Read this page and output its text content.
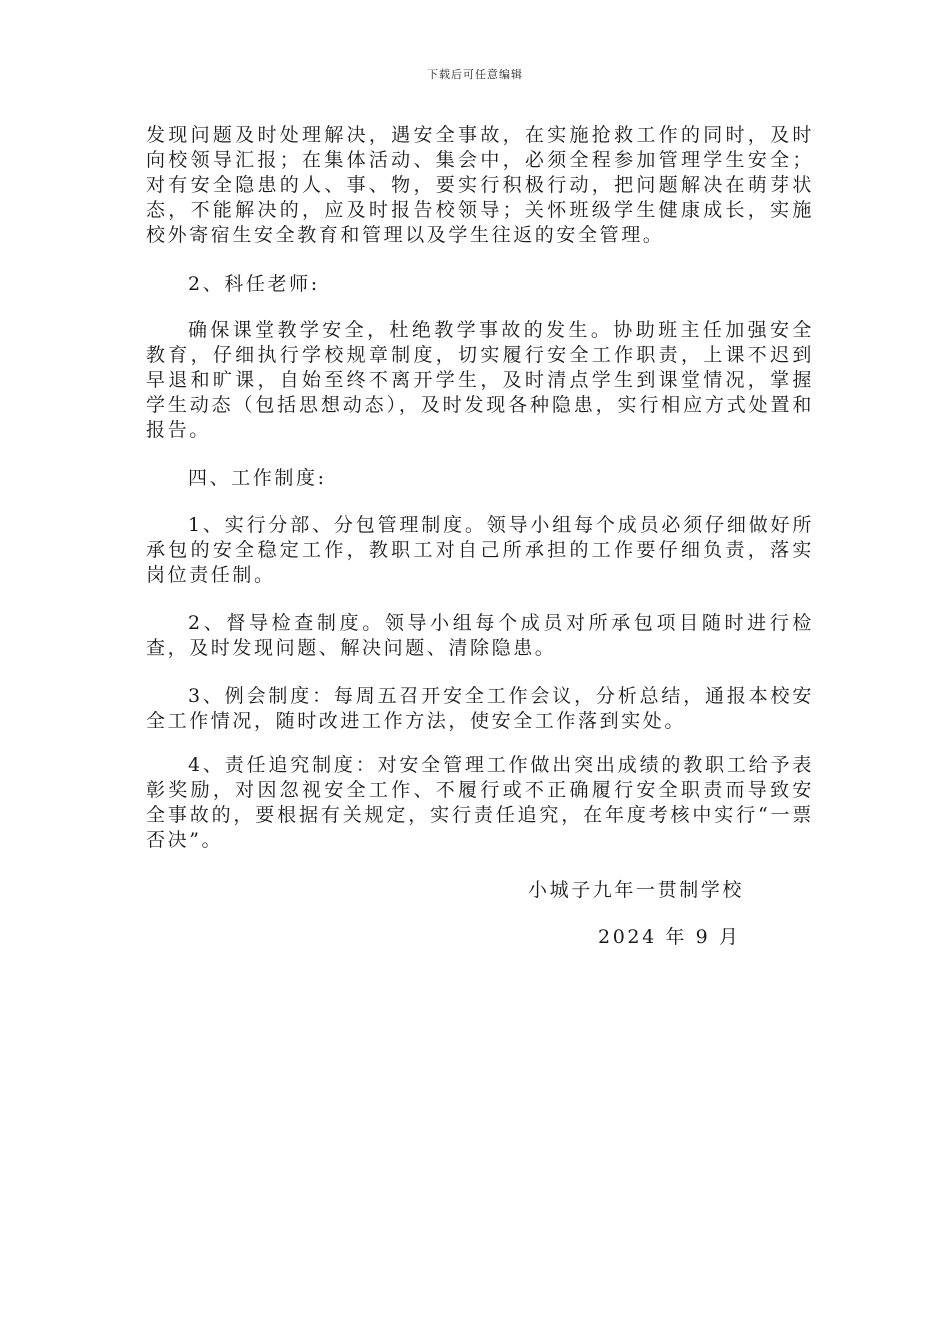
下载后可任意编辑
发现问题及时处理解决，遇安全事故，在实施抢救工作的同时，及时向校领导汇报；在集体活动、集会中，必须全程参加管理学生安全；对有安全隐患的人、事、物，要实行积极行动，把问题解决在萌芽状态，不能解决的，应及时报告校领导；关怀班级学生健康成长，实施校外寄宿生安全教育和管理以及学生往返的安全管理。
2、科任老师:
确保课堂教学安全，杜绝教学事故的发生。协助班主任加强安全教育，仔细执行学校规章制度，切实履行安全工作职责，上课不迟到早退和旷课，自始至终不离开学生，及时清点学生到课堂情况，掌握学生动态（包括思想动态），及时发现各种隐患，实行相应方式处置和报告。
四、工作制度:
1、实行分部、分包管理制度。领导小组每个成员必须仔细做好所承包的安全稳定工作，教职工对自己所承担的工作要仔细负责，落实岗位责任制。
2、督导检查制度。领导小组每个成员对所承包项目随时进行检查，及时发现问题、解决问题、清除隐患。
3、例会制度：每周五召开安全工作会议，分析总结，通报本校安全工作情况，随时改进工作方法，使安全工作落到实处。
4、责任追究制度：对安全管理工作做出突出成绩的教职工给予表彰奖励，对因忽视安全工作、不履行或不正确履行安全职责而导致安全事故的，要根据有关规定，实行责任追究，在年度考核中实行“一票否决”。
小城子九年一贯制学校
2024 年 9 月
